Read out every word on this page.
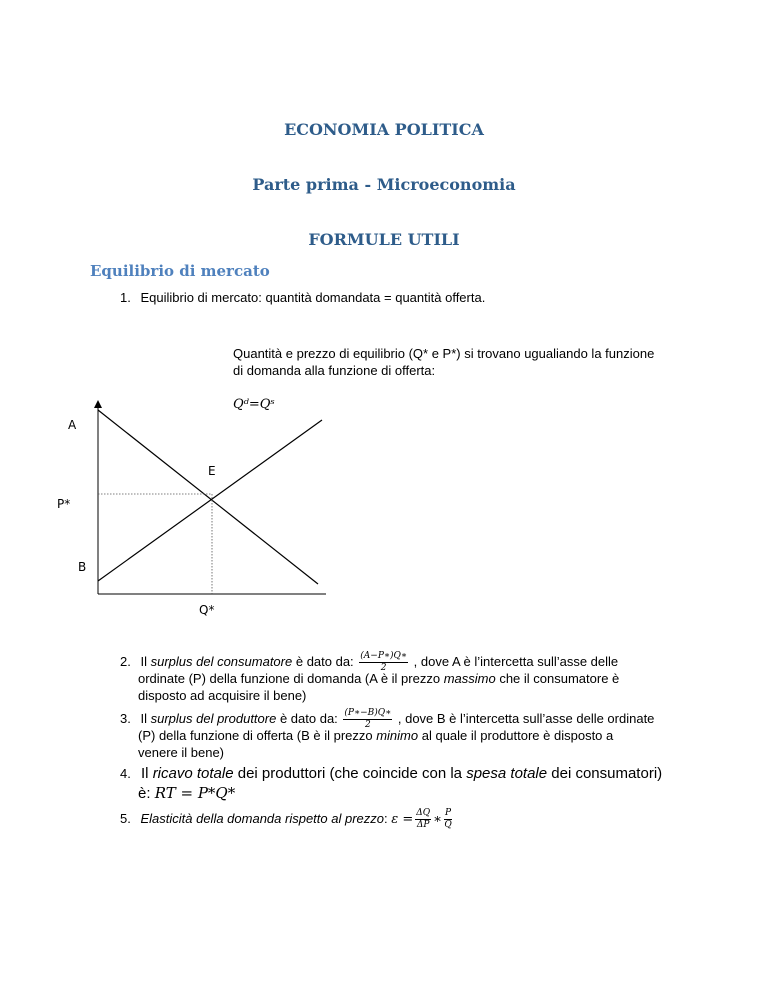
ECONOMIA POLITICA
Parte prima - Microeconomia
FORMULE UTILI
Equilibrio di mercato
1. Equilibrio di mercato: quantità domandata = quantità offerta.
Quantità e prezzo di equilibrio (Q* e P*) si trovano ugualiando la funzione
di domanda alla funzione di offerta:
Qᵈ=Qˢ
A
E
P*
B
Q*
2. Il surplus del consumatore è dato da: $\frac{(A-P∗)Q∗}{2}$ , dove A è l’intercetta sull’asse delle
ordinate (P) della funzione di domanda (A è il prezzo massimo che il consumatore è
disposto ad acquisire il bene)
3. Il surplus del produttore è dato da: $\frac{(P∗-B)Q∗}{2}$ , dove B è l’intercetta sull’asse delle ordinate
(P) della funzione di offerta (B è il prezzo minimo al quale il produttore è disposto a
venere il bene)
4. Il ricavo totale dei produttori (che coincide con la spesa totale dei consumatori)
è: RT = P*Q*
5. Elasticità della domanda rispetto al prezzo: $\varepsilon = \frac{\Delta Q}{\Delta P}$ ∗ $\frac{P}{Q}$
